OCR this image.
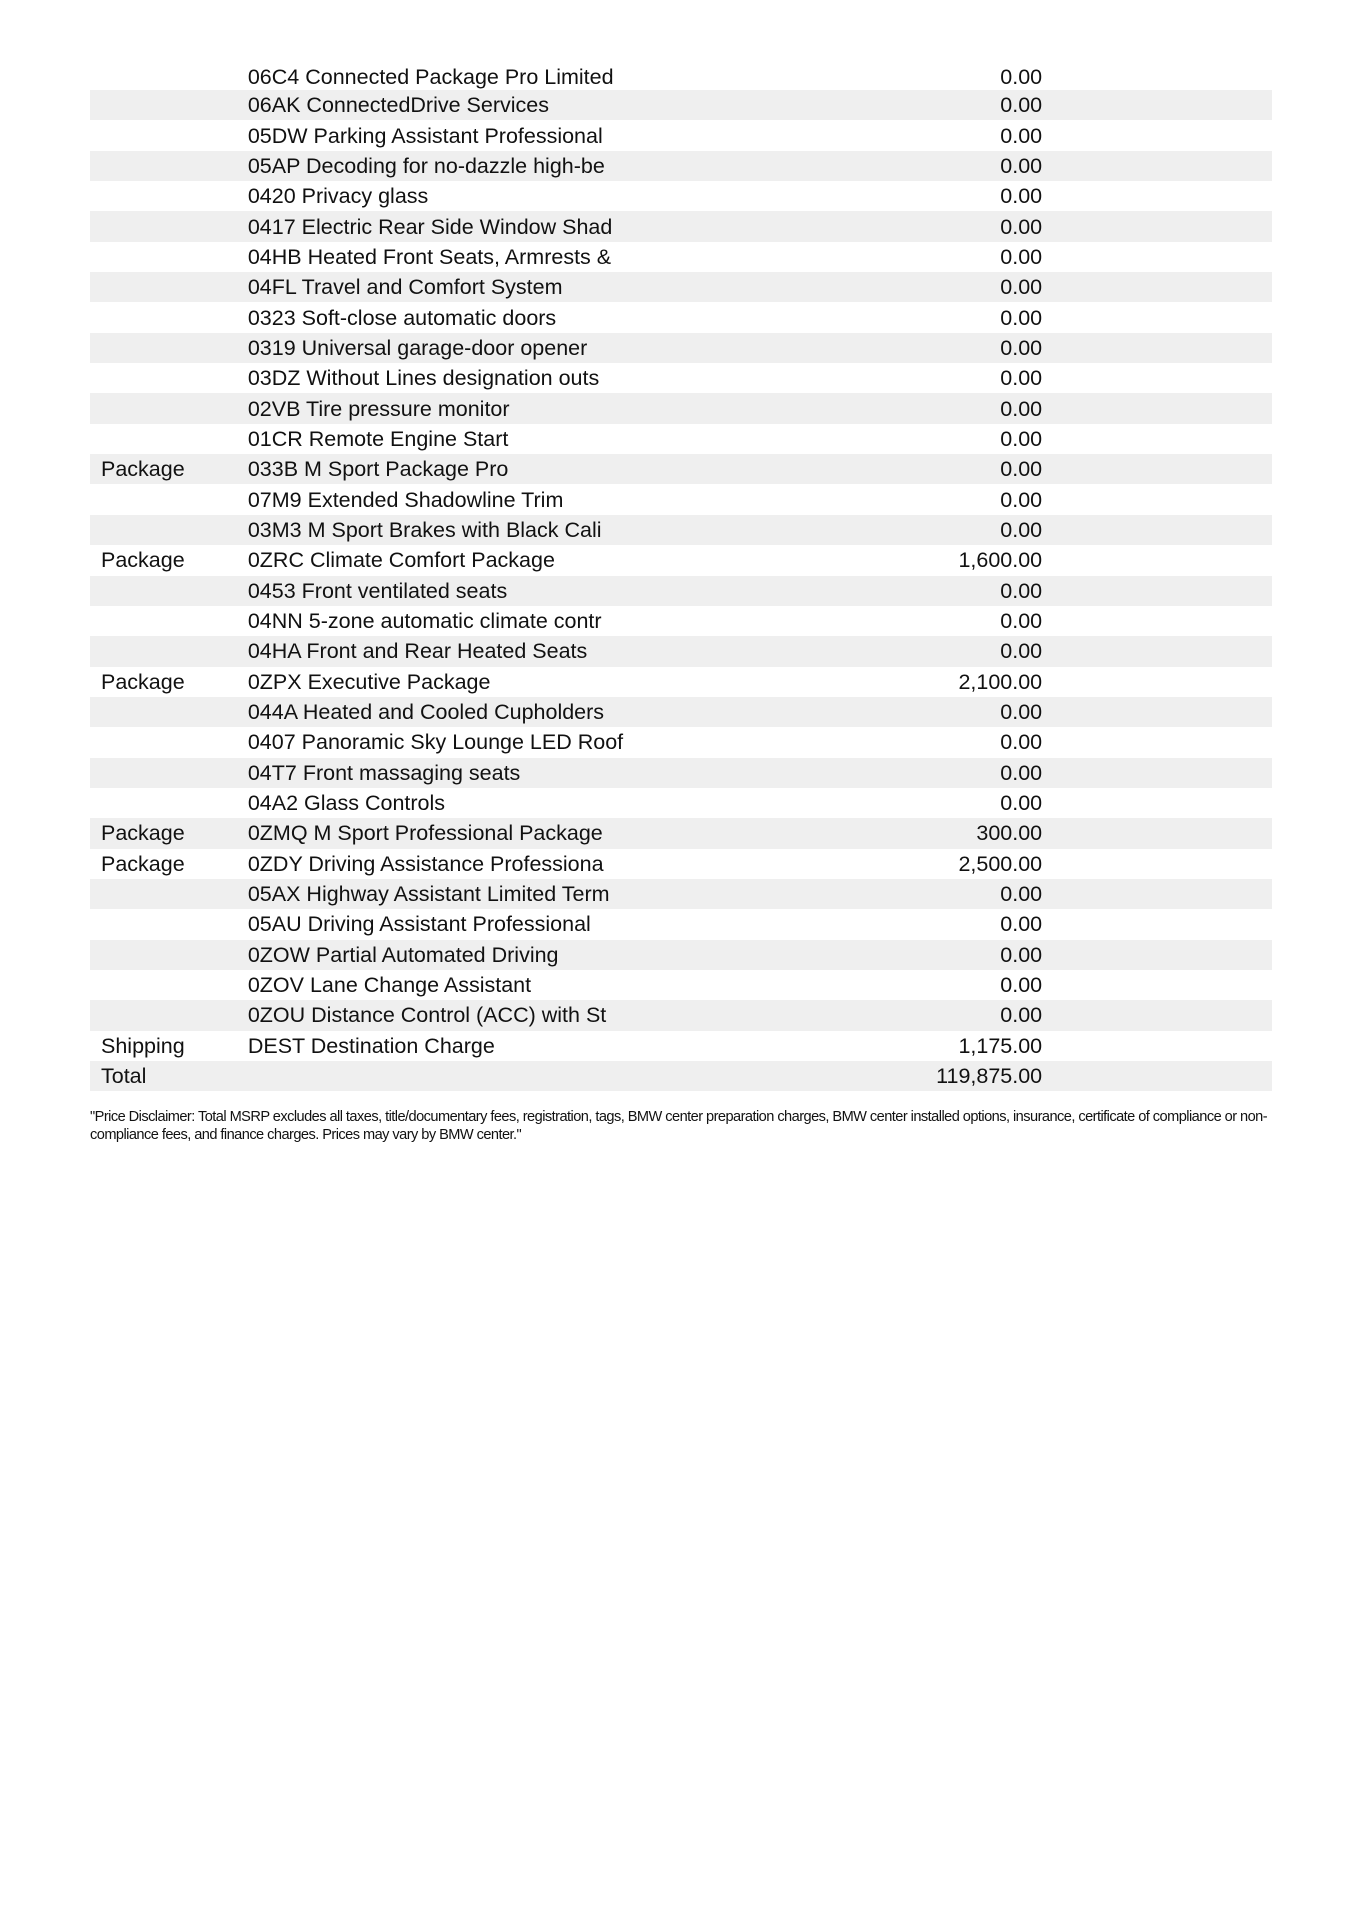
	06C4 Connected Package Pro Limited	0.00	
	06AK ConnectedDrive Services	0.00	
	05DW Parking Assistant Professional	0.00	
	05AP Decoding for no-dazzle high-be	0.00	
	0420 Privacy glass	0.00	
	0417 Electric Rear Side Window Shad	0.00	
	04HB Heated Front Seats, Armrests &	0.00	
	04FL Travel and Comfort System	0.00	
	0323 Soft-close automatic doors	0.00	
	0319 Universal garage-door opener	0.00	
	03DZ Without Lines designation outs	0.00	
	02VB Tire pressure monitor	0.00	
	01CR Remote Engine Start	0.00	
Package	033B M Sport Package Pro	0.00	
	07M9 Extended Shadowline Trim	0.00	
	03M3 M Sport Brakes with Black Cali	0.00	
Package	0ZRC Climate Comfort Package	1,600.00	
	0453 Front ventilated seats	0.00	
	04NN 5-zone automatic climate contr	0.00	
	04HA Front and Rear Heated Seats	0.00	
Package	0ZPX Executive Package	2,100.00	
	044A Heated and Cooled Cupholders	0.00	
	0407 Panoramic Sky Lounge LED Roof	0.00	
	04T7 Front massaging seats	0.00	
	04A2 Glass Controls	0.00	
Package	0ZMQ M Sport Professional Package	300.00	
Package	0ZDY Driving Assistance Professiona	2,500.00	
	05AX Highway Assistant Limited Term	0.00	
	05AU Driving Assistant Professional	0.00	
	0ZOW Partial Automated Driving	0.00	
	0ZOV Lane Change Assistant	0.00	
	0ZOU Distance Control (ACC) with St	0.00	
Shipping	DEST Destination Charge	1,175.00	
Total		119,875.00	
"Price Disclaimer: Total MSRP excludes all taxes, title/documentary fees, registration, tags, BMW center preparation charges, BMW center installed options, insurance, certificate of compliance or non-compliance fees, and finance charges. Prices may vary by BMW center."
